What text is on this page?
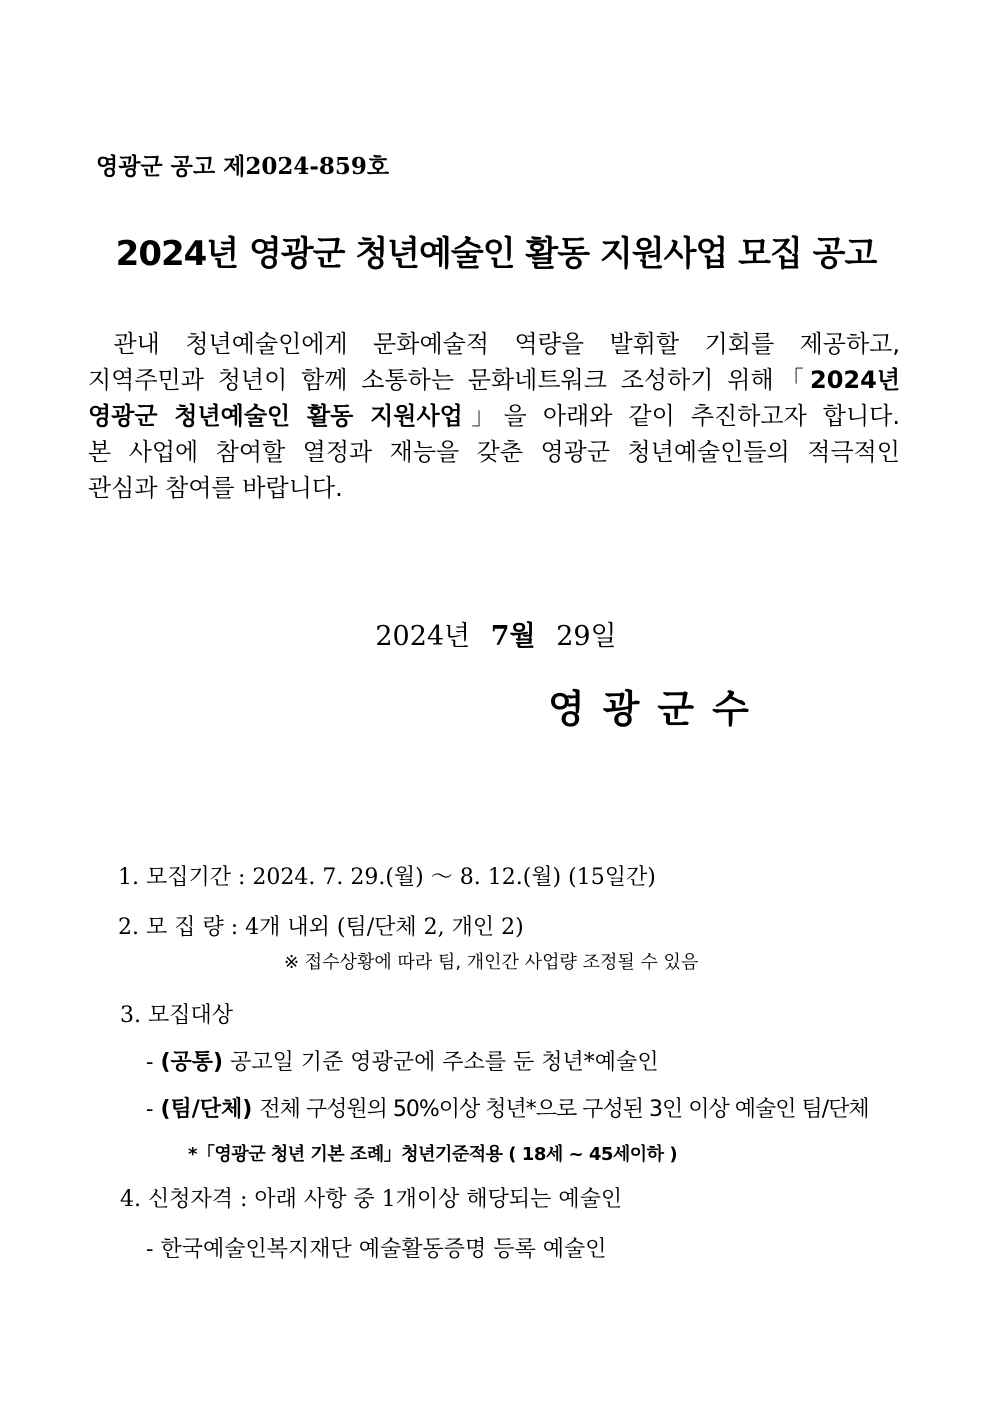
영광군 공고 제2024-859호
2024년 영광군 청년예술인 활동 지원사업 모집 공고
관내 청년예술인에게 문화예술적 역량을 발휘할 기회를 제공하고,
지역주민과 청년이 함께 소통하는 문화네트워크 조성하기 위해「2024년
영광군 청년예술인 활동 지원사업」을 아래와 같이 추진하고자 합니다.
본 사업에 참여할 열정과 재능을 갖춘 영광군 청년예술인들의 적극적인
관심과 참여를 바랍니다.
2024년 7월 29일
영광군수
1. 모집기간 : 2024. 7. 29.(월) ～ 8. 12.(월) (15일간)
2. 모 집 량 : 4개 내외 (팀/단체 2, 개인 2)
※ 접수상황에 따라 팀, 개인간 사업량 조정될 수 있음
3. 모집대상
- (공통) 공고일 기준 영광군에 주소를 둔 청년*예술인
- (팀/단체) 전체 구성원의 50%이상 청년*으로 구성된 3인 이상 예술인 팀/단체
*「영광군 청년 기본 조례」청년기준적용 ( 18세 ~ 45세이하 )
4. 신청자격 : 아래 사항 중 1개이상 해당되는 예술인
- 한국예술인복지재단 예술활동증명 등록 예술인
